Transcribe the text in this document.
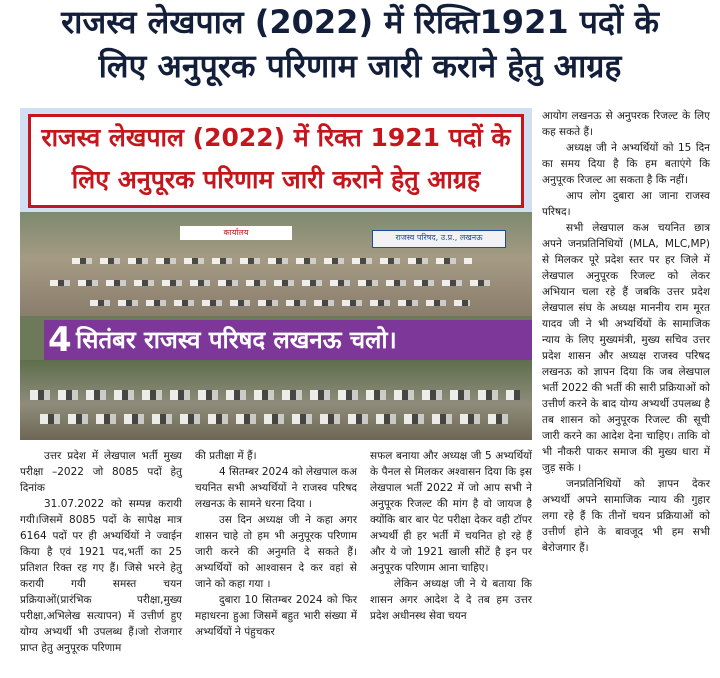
राजस्व लेखपाल (2022) में रिक्ति1921 पदों के
लिए अनुपूरक परिणाम जारी कराने हेतु आग्रह
राजस्व लेखपाल (2022) में रिक्त 1921 पदों के
लिए अनुपूरक परिणाम जारी कराने हेतु आग्रह
कार्यालय
राजस्व परिषद, उ.प्र., लखनऊ
सितंबर राजस्व परिषद लखनऊ चलो।
4

उत्तर प्रदेश में लेखपाल भर्ती मुख्य परीक्षा –2022 जो 8085 पदों हेतु दिनांक

31.07.2022 को सम्पन्न करायी गयी।जिसमें 8085 पदों के सापेक्ष मात्र 6164 पदों पर ही अभ्यर्थियों ने ज्वाईन किया है एवं 1921 पद,भर्ती का 25 प्रतिशत रिक्त रह गए हैं। जिसे भरने हेतु करायी गयी समस्त चयन प्रक्रियाओं(प्रारंभिक परीक्षा,मुख्य परीक्षा,अभिलेख सत्यापन) में उत्तीर्ण हुए योग्य अभ्यर्थी भी उपलब्ध हैं।जो रोजगार प्राप्त हेतु अनुपूरक परिणाम

की प्रतीक्षा में हैं।

4 सितम्बर 2024 को लेखपाल कअ चयनित सभी अभ्यर्थियों ने राजस्व परिषद लखनऊ के सामने धरना दिया ।

उस दिन अध्यक्ष जी ने कहा अगर शासन चाहे तो हम भी अनुपूरक परिणाम जारी करने की अनुमति दे सकते हैं।अभ्यर्थियों को आश्वासन दे कर वहां से जाने को कहा गया ।

दुबारा 10 सितम्बर 2024 को फिर महाधरना हुआ जिसमें बहुत भारी संख्या में अभ्यर्थियों ने पंहुचकर

सफल बनाया और अध्यक्ष जी 5 अभ्यर्थियों के पैनल से मिलकर अश्वासन दिया कि इस लेखपाल भर्ती 2022 में जो आप सभी ने अनुपूरक रिजल्ट की मांग है वो जायज है क्योंकि बार बार पेट परीक्षा देकर वही टॉपर अभ्यर्थी ही हर भर्ती में चयनित हो रहे हैं और ये जो 1921 खाली सीटें है इन पर अनुपूरक परिणाम आना चाहिए।

लेकिन अध्यक्ष जी ने ये बताया कि शासन अगर आदेश दे दे तब हम उत्तर प्रदेश अधीनस्थ सेवा चयन

आयोग लखनऊ से अनुपरक रिजल्ट के लिए कह सकते हैं।

अध्यक्ष जी ने अभ्यर्थियों को 15 दिन का समय दिया है कि हम बताएंगे कि अनुपूरक रिजल्ट आ सकता है कि नहीं।

आप लोग दुबारा आ जाना राजस्व परिषद।

सभी लेखपाल कअ चयनित छात्र अपने जनप्रतिनिधियों (MLA, MLC,MP) से मिलकर पूरे प्रदेश स्तर पर हर जिले में लेखपाल अनुपूरक रिजल्ट को लेकर अभियान चला रहे हैं जबकि उत्तर प्रदेश लेखपाल संघ के अध्यक्ष माननीय राम मूरत यादव जी ने भी अभ्यर्थियों के सामाजिक न्याय के लिए मुख्यमंत्री, मुख्य सचिव उत्तर प्रदेश शासन और अध्यक्ष राजस्व परिषद लखनऊ को ज्ञापन दिया कि जब लेखपाल भर्ती 2022 की भर्ती की सारी प्रक्रियाओं को उत्तीर्ण करने के बाद योग्य अभ्यर्थी उपलब्ध है तब शासन को अनुपूरक रिजल्ट की सूची जारी करने का आदेश देना चाहिए। ताकि वो भी नौकरी पाकर समाज की मुख्य धारा में जुड़ सके ।

जनप्रतिनिधियों को ज्ञापन देकर अभ्यर्थी अपने सामाजिक न्याय की गुहार लगा रहे हैं कि तीनों चयन प्रक्रियाओं को उत्तीर्ण होने के बावजूद भी हम सभी बेरोजगार हैं।
